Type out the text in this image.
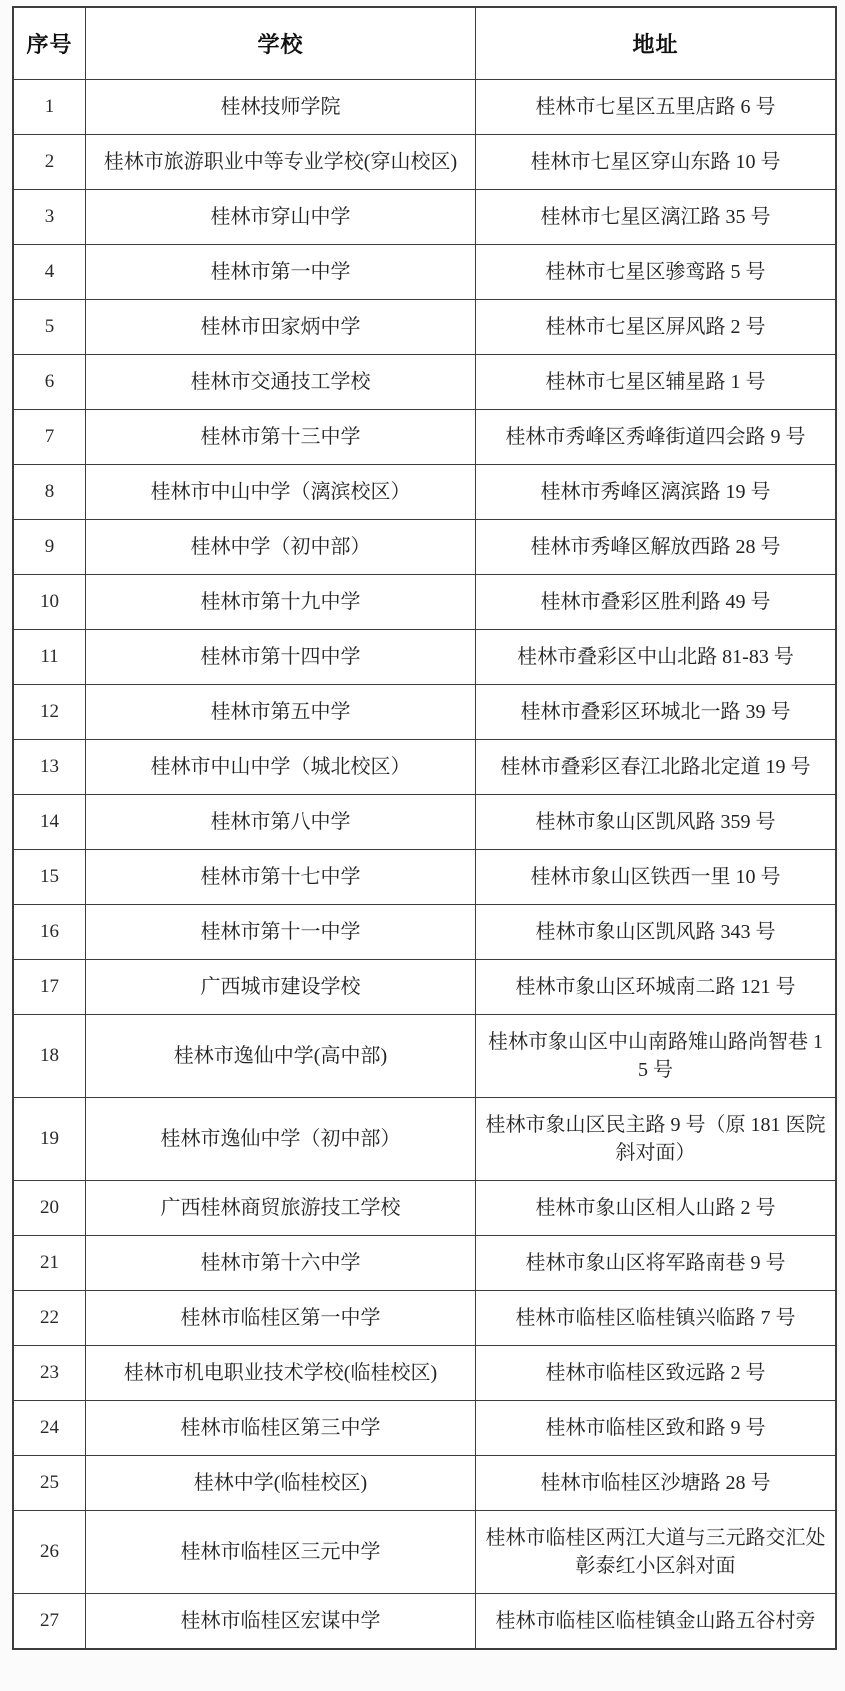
序号	学校	地址
1	桂林技师学院	桂林市七星区五里店路 6 号
2	桂林市旅游职业中等专业学校(穿山校区)	桂林市七星区穿山东路 10 号
3	桂林市穿山中学	桂林市七星区漓江路 35 号
4	桂林市第一中学	桂林市七星区骖鸾路 5 号
5	桂林市田家炳中学	桂林市七星区屏风路 2 号
6	桂林市交通技工学校	桂林市七星区辅星路 1 号
7	桂林市第十三中学	桂林市秀峰区秀峰街道四会路 9 号
8	桂林市中山中学（漓滨校区）	桂林市秀峰区漓滨路 19 号
9	桂林中学（初中部）	桂林市秀峰区解放西路 28 号
10	桂林市第十九中学	桂林市叠彩区胜利路 49 号
11	桂林市第十四中学	桂林市叠彩区中山北路 81-83 号
12	桂林市第五中学	桂林市叠彩区环城北一路 39 号
13	桂林市中山中学（城北校区）	桂林市叠彩区春江北路北定道 19 号
14	桂林市第八中学	桂林市象山区凯风路 359 号
15	桂林市第十七中学	桂林市象山区铁西一里 10 号
16	桂林市第十一中学	桂林市象山区凯风路 343 号
17	广西城市建设学校	桂林市象山区环城南二路 121 号
18	桂林市逸仙中学(高中部)	桂林市象山区中山南路雉山路尚智巷 15 号
19	桂林市逸仙中学（初中部）	桂林市象山区民主路 9 号（原 181 医院斜对面）
20	广西桂林商贸旅游技工学校	桂林市象山区相人山路 2 号
21	桂林市第十六中学	桂林市象山区将军路南巷 9 号
22	桂林市临桂区第一中学	桂林市临桂区临桂镇兴临路 7 号
23	桂林市机电职业技术学校(临桂校区)	桂林市临桂区致远路 2 号
24	桂林市临桂区第三中学	桂林市临桂区致和路 9 号
25	桂林中学(临桂校区)	桂林市临桂区沙塘路 28 号
26	桂林市临桂区三元中学	桂林市临桂区两江大道与三元路交汇处彰泰红小区斜对面
27	桂林市临桂区宏谋中学	桂林市临桂区临桂镇金山路五谷村旁
